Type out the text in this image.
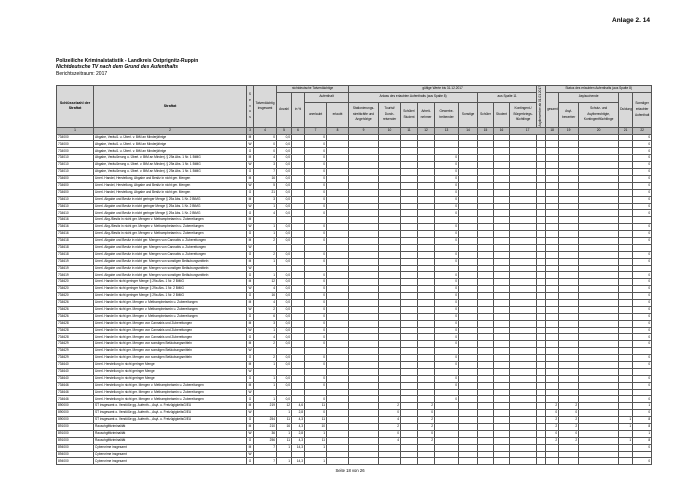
Anlage 2. 14
Polizeiliche Kriminalstatistik - Landkreis Ostprignitz-Ruppin
Nichtdeutsche TV nach dem Grund des Aufenthalts
Berichtszeitraum: 2017
Schlüsselzahl der Straftat	Straftat	S e x u s	Tatverdächtig insgesamt	nichtdeutsche Tatverdächtige				gültige Werte bis 31.12.2017									Asylbewerber ab 01.01.2017	Status des erlaubten Aufenthalts (aus Spalte 8)				
				Anzahl	in %	Aufenthalt		Anlass des erlaubten Aufenthalts (aus Spalte 8)						aus Spalte 11				gesamt	Asylsuchende		Duldung	Sonstiger erlaubter Aufenthalt
						unerlaubt	erlaubt	Stationierungs-streitkräfte und Angehörige	Tourist/ Durch-reisender	Schüler/ Student	Arbeit-nehmer	Gewerbe-treibender	Sonstige	Schüler	Student	Kontingent-/ Bürgerkriegs-flüchtlinge			Asyl-bewerber	Schutz- und Asylberechtigte, Kontingentflüchtlinge		

1	2	3	4	5	6	7	8	9	10	11	12	13	14	15	16	17		18	19	20	21	22
734000	Abgabe, Veräuß. u. Überl. v. BtM an Minderjährige	M	0	0,0		0																0
734000	Abgabe, Veräuß. u. Überl. v. BtM an Minderjährige	W	0	0,0		0																0
734000	Abgabe, Veräuß. u. Überl. v. BtM an Minderjährige	G	0	0,0		0																0
734010	Abgabe, Veräußerung u. Überl. v. BtM an Minderj. § 29a Abs. 1 Nr. 1 BtMG	M	4	0,0		0						0										0
734010	Abgabe, Veräußerung u. Überl. v. BtM an Minderj. § 29a Abs. 1 Nr. 1 BtMG	W	3	0,0		0						0										0
734010	Abgabe, Veräußerung u. Überl. v. BtM an Minderj. § 29a Abs. 1 Nr. 1 BtMG	G	7	0,0		0						0										0
734600	Unerl. Handel, Herstellung, Abgabe und Besitz in nicht ger. Mengen	M	16	0,0		0						0										0
734600	Unerl. Handel, Herstellung, Abgabe und Besitz in nicht ger. Mengen	W	5	0,0		0						0										0
734600	Unerl. Handel, Herstellung, Abgabe und Besitz in nicht ger. Mengen	G	21	0,0		0						0										0
734610	Unerl. Abgabe und Besitz in nicht geringer Menge § 29a Abs. 1 Nr. 2 BtMG	M	3	0,0		0						0										0
734610	Unerl. Abgabe und Besitz in nicht geringer Menge § 29a Abs. 1 Nr. 2 BtMG	W	1	0,0		0						0										0
734610	Unerl. Abgabe und Besitz in nicht geringer Menge § 29a Abs. 1 Nr. 2 BtMG	G	4	0,0		0						0										0
734616	Unerl. Abg./Besitz in nicht ger. Mengen v. Methamphetamin u. Zubereitungen	M																				
734616	Unerl. Abg./Besitz in nicht ger. Mengen v. Methamphetamin u. Zubereitungen	W	1	0,0		0						0										0
734616	Unerl. Abg./Besitz in nicht ger. Mengen v. Methamphetamin u. Zubereitungen	G	1	0,0		0						0										0
734618	Unerl. Abgabe und Besitz in nicht ger. Mengen von Cannabis u. Zubereitungen	M	2	0,0		0						0										0
734618	Unerl. Abgabe und Besitz in nicht ger. Mengen von Cannabis u. Zubereitungen	W																				
734618	Unerl. Abgabe und Besitz in nicht ger. Mengen von Cannabis u. Zubereitungen	G	2	0,0		0						0										0
734619	Unerl. Abgabe und Besitz in nicht ger. Mengen von sonstigen Betäubungsmitteln	M	1	0,0		0						0										0
734619	Unerl. Abgabe und Besitz in nicht ger. Mengen von sonstigen Betäubungsmitteln	W																				
734619	Unerl. Abgabe und Besitz in nicht ger. Mengen von sonstigen Betäubungsmitteln	G	1	0,0		0						0										0
734620	Unerl. Handel in nicht geringer Menge § 29a Abs. 1 Nr. 2 BtMG	M	12	0,0		0						0										0
734620	Unerl. Handel in nicht geringer Menge § 29a Abs. 1 Nr. 2 BtMG	W	4	0,0		0						0										0
734620	Unerl. Handel in nicht geringer Menge § 29a Abs. 1 Nr. 2 BtMG	G	16	0,0		0						0										0
734626	Unerl. Handel in nicht ger. Mengen v. Methamphetamin u. Zubereitungen	M	4	0,0		0						0										0
734626	Unerl. Handel in nicht ger. Mengen v. Methamphetamin u. Zubereitungen	W	2	0,0		0						0										0
734626	Unerl. Handel in nicht ger. Mengen v. Methamphetamin u. Zubereitungen	G	6	0,0		0						0										0
734628	Unerl. Handel in nicht ger. Mengen von Cannabis und Zubereitungen	M	3	0,0		0						0										0
734628	Unerl. Handel in nicht ger. Mengen von Cannabis und Zubereitungen	W	1	0,0		0						0										0
734628	Unerl. Handel in nicht ger. Mengen von Cannabis und Zubereitungen	G	4	0,0		0						0										0
734629	Unerl. Handel in nicht ger. Mengen von sonstigen Betäubungsmitteln	M	2	0,0		0						0										0
734629	Unerl. Handel in nicht ger. Mengen von sonstigen Betäubungsmitteln	W																				
734629	Unerl. Handel in nicht ger. Mengen von sonstigen Betäubungsmitteln	G	2	0,0		0						0										0
734640	Unerl. Herstellung in nicht geringer Menge	M	1	0,0		0						0										0
734640	Unerl. Herstellung in nicht geringer Menge	W																				
734640	Unerl. Herstellung in nicht geringer Menge	G	1	0,0		0						0										0
734646	Unerl. Herstellung in nicht ger. Mengen v. Methamphetamin u. Zubereitungen	M	1	0,0		0						0										0
734646	Unerl. Herstellung in nicht ger. Mengen v. Methamphetamin u. Zubereitungen	W																				
734646	Unerl. Herstellung in nicht ger. Mengen v. Methamphetamin u. Zubereitungen	G	1	0,0		0						0										0
890000	ST insgesamt o. Verstöße gg. Aufenth.-, Asyl- u. FreizügigkeitsG/EU	M	219	12	4,6	11			2		2							2	2			1
890000	ST insgesamt o. Verstöße gg. Aufenth.-, Asyl- u. FreizügigkeitsG/EU	W		1	2,8	0			0		0							0	0			0
890000	ST insgesamt o. Verstöße gg. Aufenth.-, Asyl- u. FreizügigkeitsG/EU	G	254	11	4,3	11			4		2							2	2		1	8
891000	Rauschgiftkriminalität	M	210	16	4,3	10			2		2							2	2		1	8
891000	Rauschgiftkriminalität	W	36	1	2,8	1			0		0							0	0			1
891000	Rauschgiftkriminalität	G	256	11	4,3	11			4		2							2	2		1	8
894000	Cybercrime insgesamt	M	7	1	14,3	1																0
894000	Cybercrime insgesamt	W																				
894000	Cybercrime insgesamt	G	7	1	14,3	1																0
Seite 18 von 26
